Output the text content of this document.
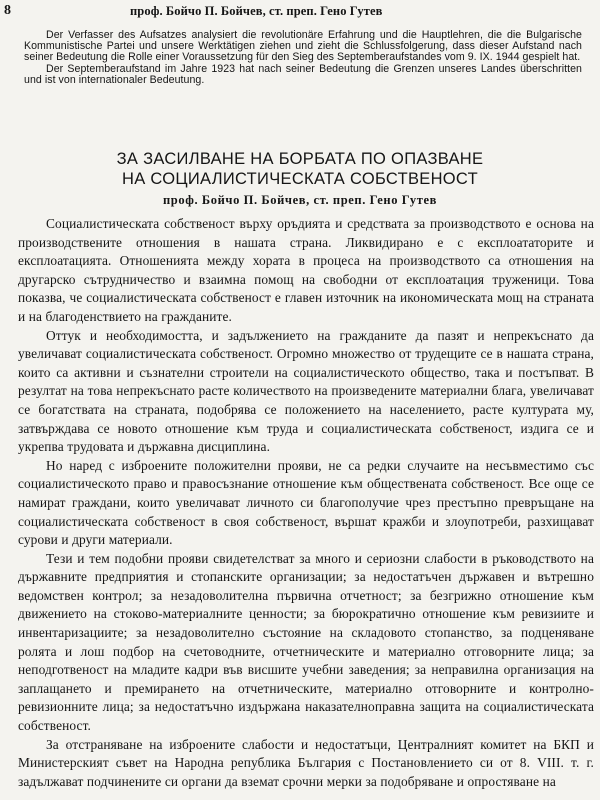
8	проф. Бойчо П. Бойчев, ст. преп. Гено Гутев

Der Verfasser des Aufsatzes analysiert die revolutionäre Erfahrung und die Hauptlehren, die die Bulgarische Kommunistische Partei und unsere Werktätigen ziehen und zieht die Schlussfolgerung, dass dieser Aufstand nach seiner Bedeutung die Rolle einer Voraussetzung für den Sieg des Septemberaufstandes vom 9. IX. 1944 gespielt hat.

Der Septemberaufstand im Jahre 1923 hat nach seiner Bedeutung die Grenzen unseres Landes überschritten und ist von internationaler Bedeutung.

ЗА ЗАСИЛВАНЕ НА БОРБАТА ПО ОПАЗВАНЕ
НА СОЦИАЛИСТИЧЕСКАТА СОБСТВЕНОСТ
проф. Бойчо П. Бойчев, ст. преп. Гено Гутев

Социалистическата собственост върху оръдията и средствата за производството е основа на производствените отношения в нашата страна. Ликвидирано е с експлоататорите и експлоатацията. Отношенията между хората в процеса на производството са отношения на другарско сътрудничество и взаимна помощ на свободни от експлоатация труженици. Това показва, че социалистическата собственост е главен източник на икономическата мощ на страната и на благоденствието на гражданите.

Оттук и необходимостта, и задължението на гражданите да пазят и непрекъснато да увеличават социалистическата собственост. Огромно множество от трудещите се в нашата страна, които са активни и съзнателни строители на социалистическото общество, така и постъпват. В резултат на това непрекъснато расте количеството на произведените материални блага, увеличават се богатствата на страната, подобрява се положението на населението, расте културата му, затвърждава се новото отношение към труда и социалистическата собственост, издига се и укрепва трудовата и държавна дисциплина.

Но наред с изброените положителни прояви, не са редки случаите на несъвместимо със социалистическото право и правосъзнание отношение към обществената собственост. Все още се намират граждани, които увеличават личното си благополучие чрез престъпно превръщане на социалистическата собственост в своя собственост, вършат кражби и злоупотреби, разхищават сурови и други материали.

Тези и тем подобни прояви свидетелстват за много и сериозни слабости в ръководството на държавните предприятия и стопанските организации; за недостатъчен държавен и вътрешно ведомствен контрол; за незадоволителна първична отчетност; за безгрижно отношение към движението на стоково-материалните ценности; за бюрократично отношение към ревизиите и инвентаризациите; за незадоволително състояние на складовото стопанство, за подценяване ролята и лош подбор на счетоводните, отчетническите и материално отговорните лица; за неподготвеност на младите кадри във висшите учебни заведения; за неправилна организация на заплащането и премирането на отчетническите, материално отговорните и контролно-ревизионните лица; за недостатъчно издържана наказателноправна защита на социалистическата собственост.

За отстраняване на изброените слабости и недостатъци, Централният комитет на БКП и Министерският съвет на Народна република България с Постановлението си от 8. VIII. т. г. задължават подчинените си органи да вземат срочни мерки за подобряване и опростяване на
